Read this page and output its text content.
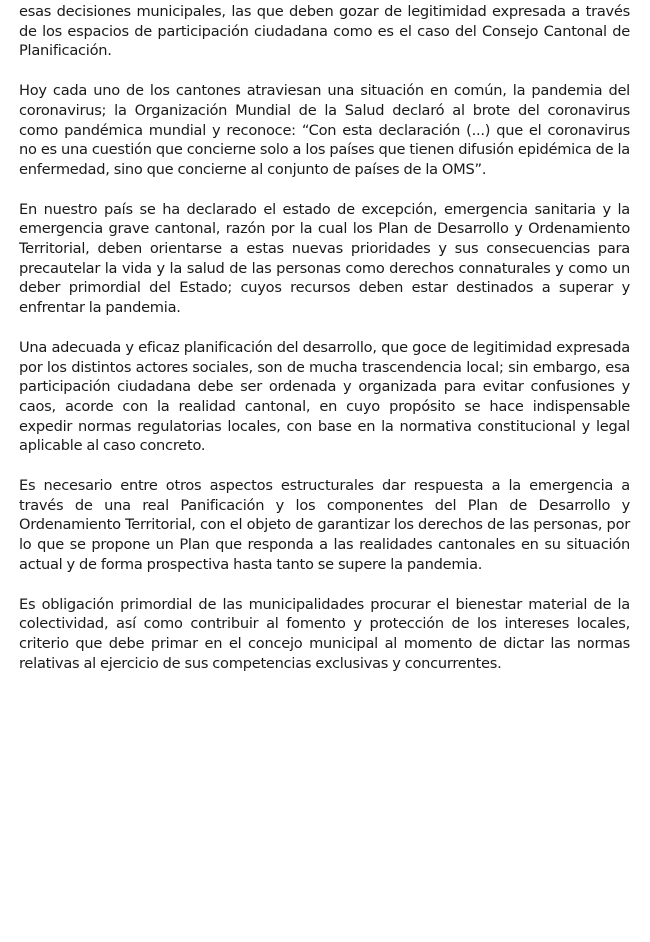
esas decisiones municipales, las que deben gozar de legitimidad expresada a través de los espacios de participación ciudadana como es el caso del Consejo Cantonal de Planificación.

Hoy cada uno de los cantones atraviesan una situación en común, la pandemia del coronavirus; la Organización Mundial de la Salud declaró al brote del coronavirus como pandémica mundial y reconoce: “Con esta declaración (...) que el coronavirus no es una cuestión que concierne solo a los países que tienen difusión epidémica de la enfermedad, sino que concierne al conjunto de países de la OMS”.

En nuestro país se ha declarado el estado de excepción, emergencia sanitaria y la emergencia grave cantonal, razón por la cual los Plan de Desarrollo y Ordenamiento Territorial, deben orientarse a estas nuevas prioridades y sus consecuencias para precautelar la vida y la salud de las personas como derechos connaturales y como un deber primordial del Estado; cuyos recursos deben estar destinados a superar y enfrentar la pandemia.

Una adecuada y eficaz planificación del desarrollo, que goce de legitimidad expresada por los distintos actores sociales, son de mucha trascendencia local; sin embargo, esa participación ciudadana debe ser ordenada y organizada para evitar confusiones y caos, acorde con la realidad cantonal, en cuyo propósito se hace indispensable expedir normas regulatorias locales, con base en la normativa constitucional y legal aplicable al caso concreto.

Es necesario entre otros aspectos estructurales dar respuesta a la emergencia a través de una real Panificación y los componentes del Plan de Desarrollo y Ordenamiento Territorial, con el objeto de garantizar los derechos de las personas, por lo que se propone un Plan que responda a las realidades cantonales en su situación actual y de forma prospectiva hasta tanto se supere la pandemia.

Es obligación primordial de las municipalidades procurar el bienestar material de la colectividad, así como contribuir al fomento y protección de los intereses locales, criterio que debe primar en el concejo municipal al momento de dictar las normas relativas al ejercicio de sus competencias exclusivas y concurrentes.
